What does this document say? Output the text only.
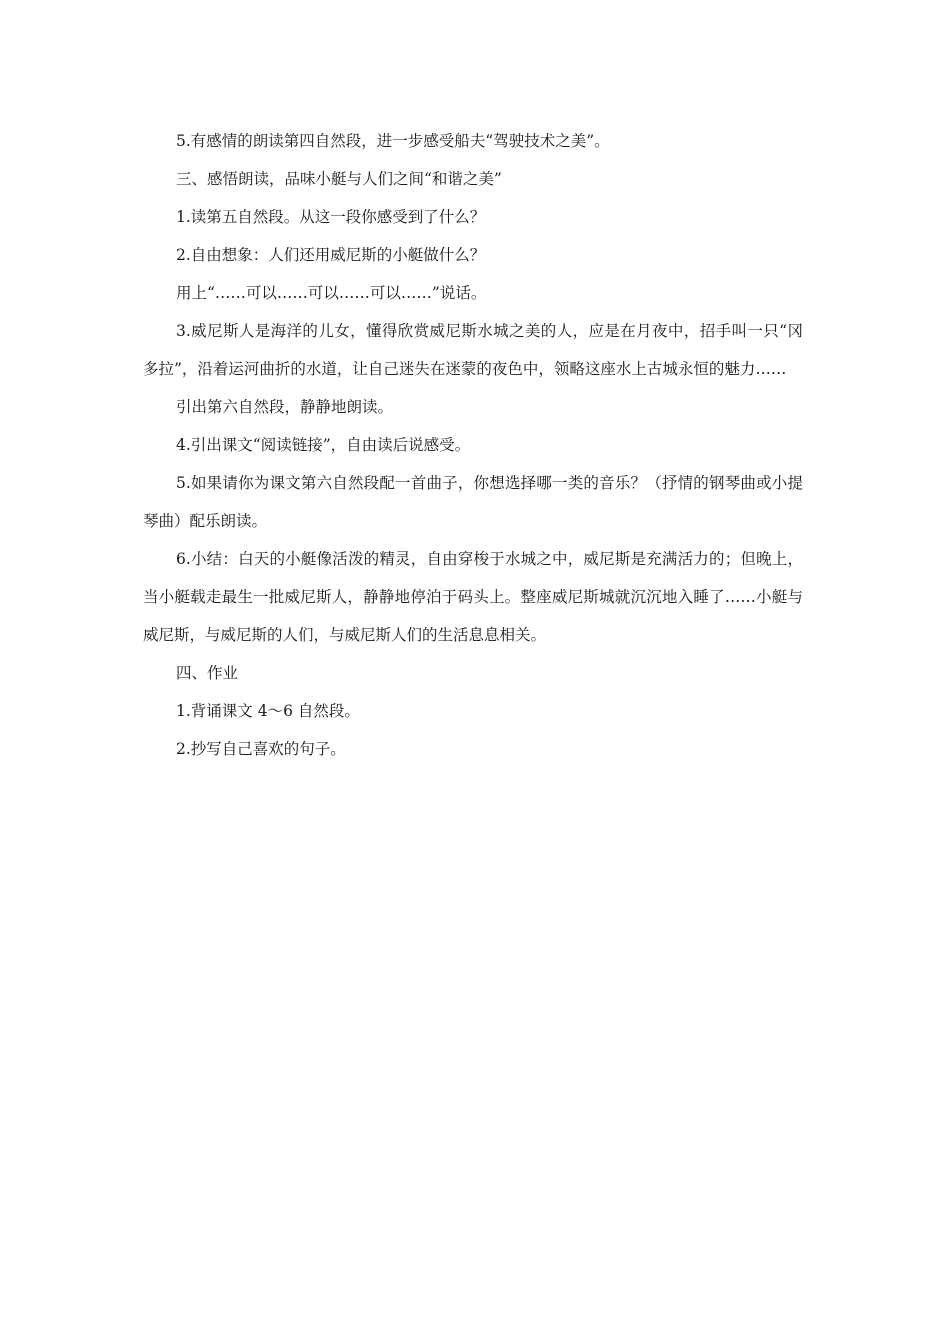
5.有感情的朗读第四自然段，进一步感受船夫“驾驶技术之美”。

三、感悟朗读，品味小艇与人们之间“和谐之美”

1.读第五自然段。从这一段你感受到了什么？

2.自由想象：人们还用威尼斯的小艇做什么？

用上“……可以……可以……可以……”说话。

3.威尼斯人是海洋的儿女，懂得欣赏威尼斯水城之美的人，应是在月夜中，招手叫一只“冈多拉”，沿着运河曲折的水道，让自己迷失在迷蒙的夜色中，领略这座水上古城永恒的魅力……

引出第六自然段，静静地朗读。

4.引出课文“阅读链接”，自由读后说感受。

5.如果请你为课文第六自然段配一首曲子，你想选择哪一类的音乐？（抒情的钢琴曲或小提琴曲）配乐朗读。

6.小结：白天的小艇像活泼的精灵，自由穿梭于水城之中，威尼斯是充满活力的；但晚上，当小艇载走最生一批威尼斯人，静静地停泊于码头上。整座威尼斯城就沉沉地入睡了……小艇与威尼斯，与威尼斯的人们，与威尼斯人们的生活息息相关。

四、作业

1.背诵课文 4～6 自然段。

2.抄写自己喜欢的句子。
